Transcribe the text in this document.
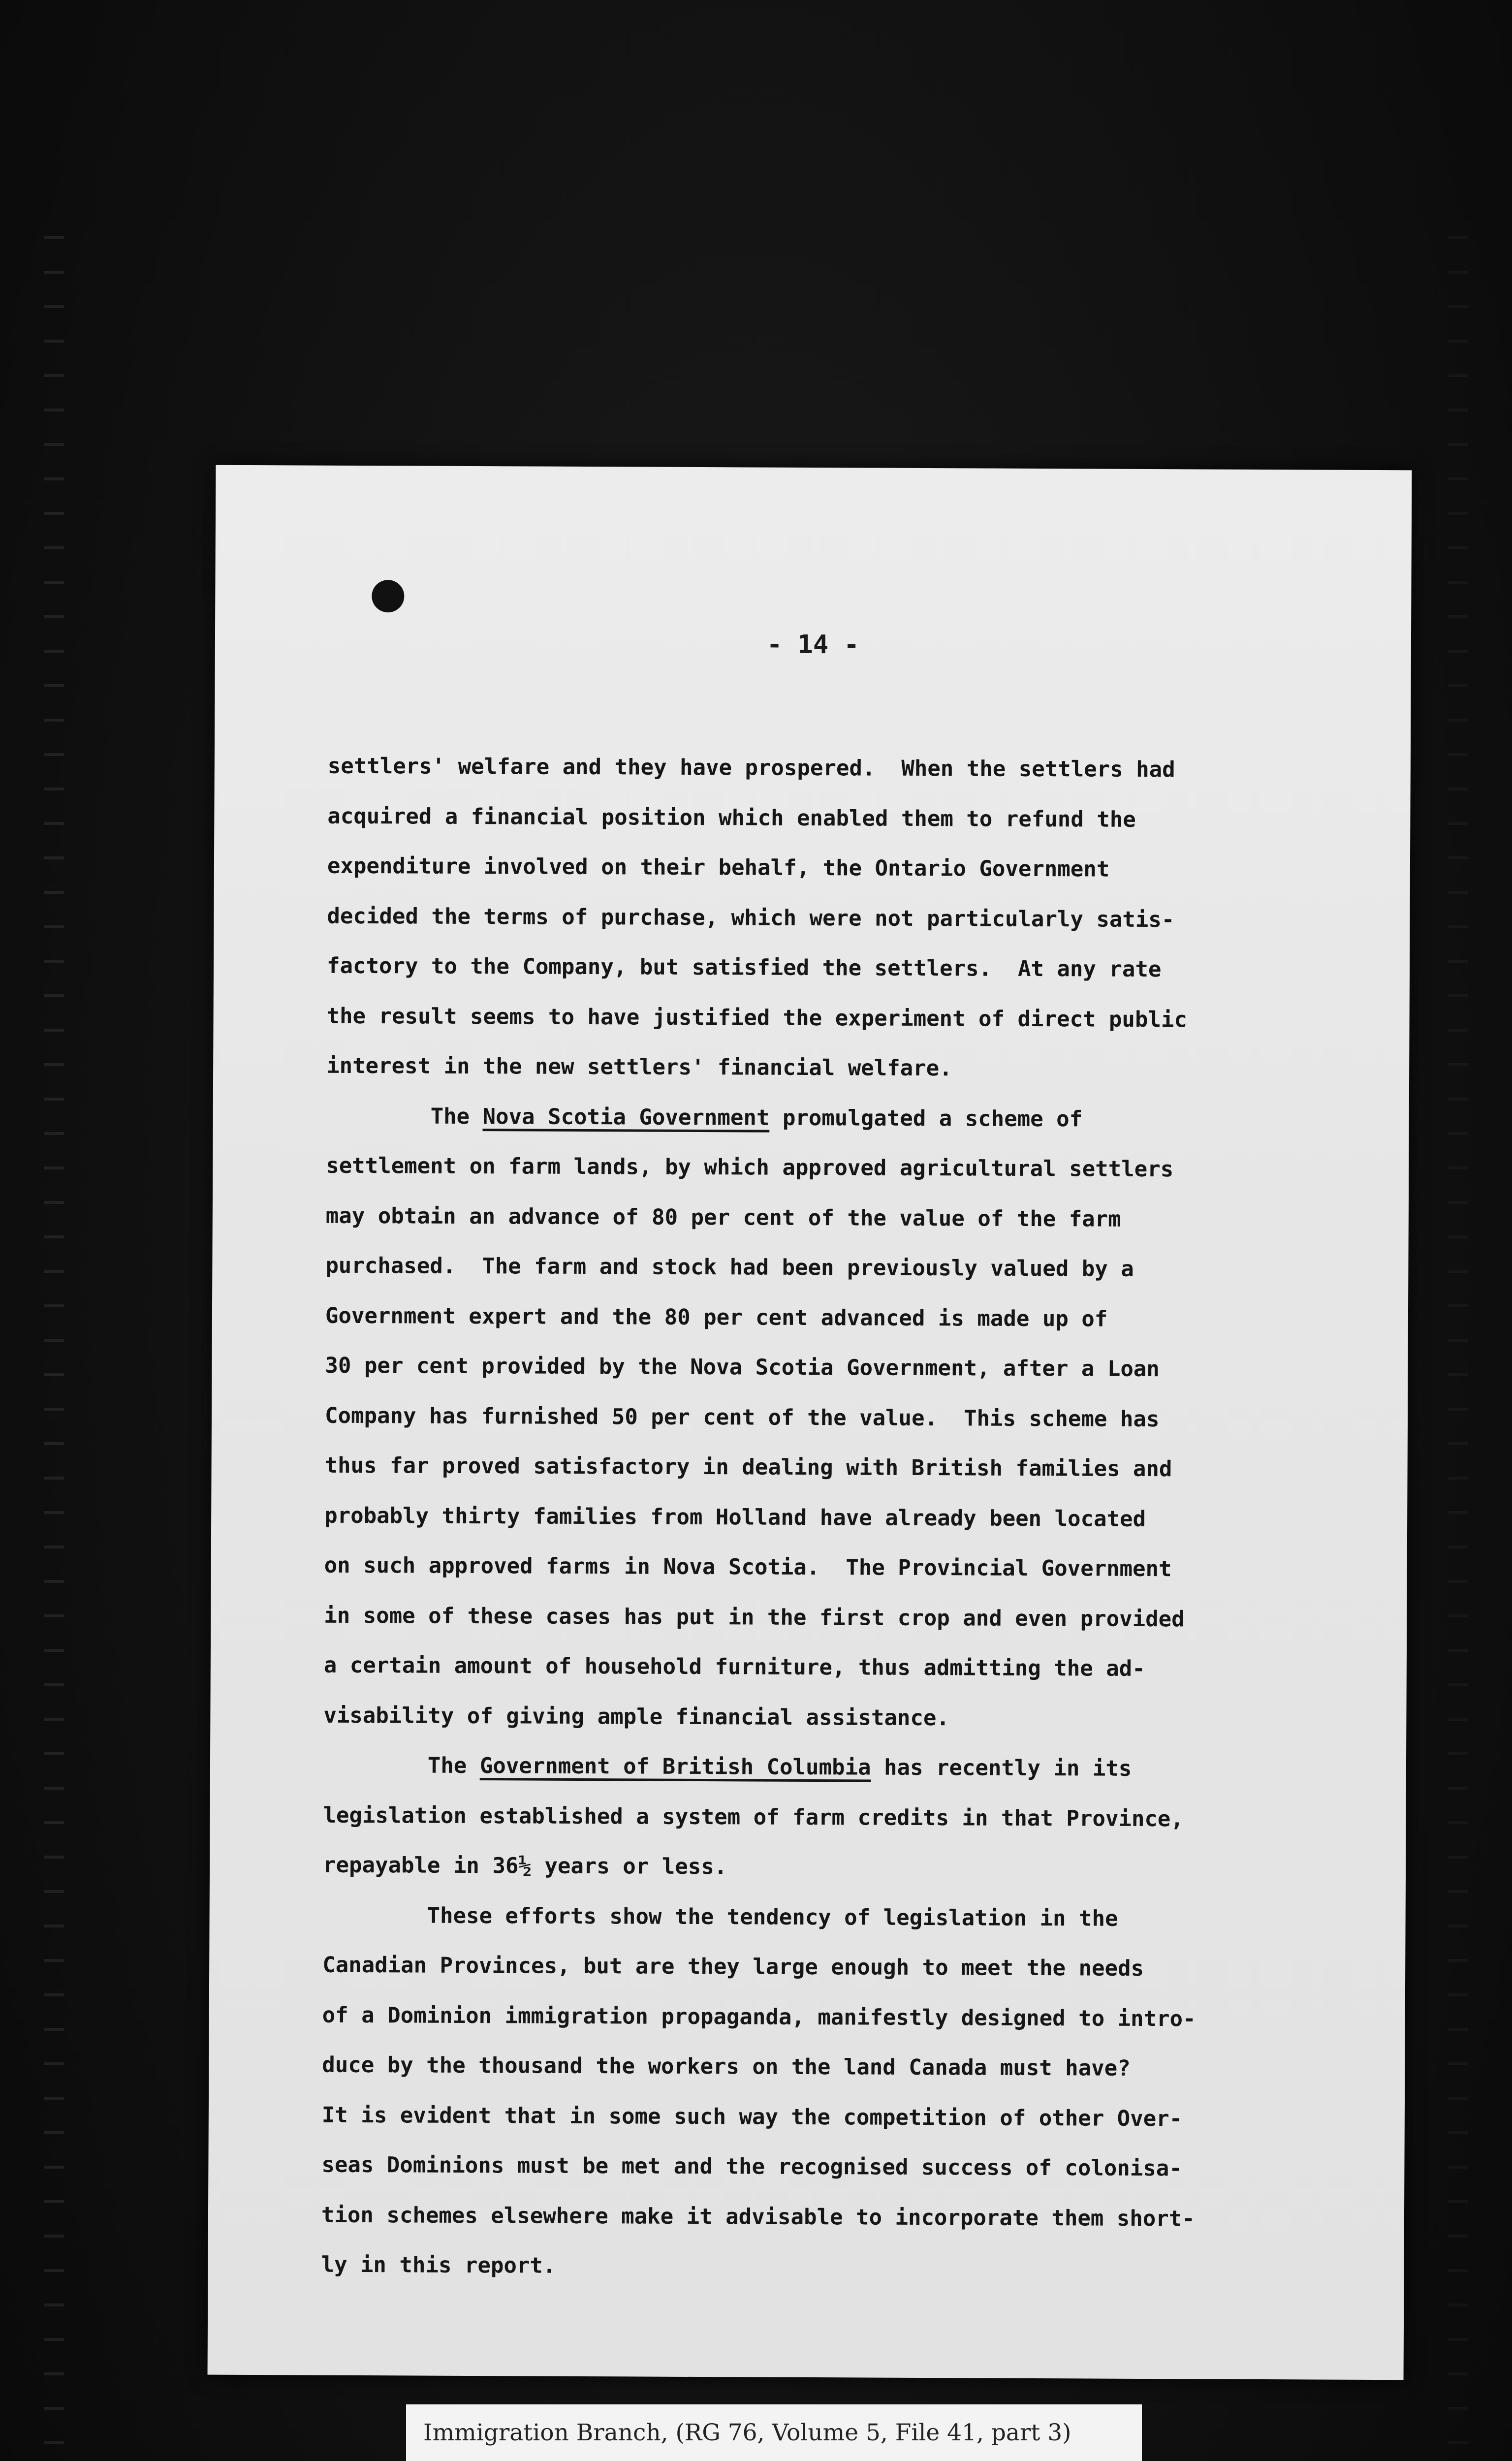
- 14 -
settlers' welfare and they have prospered.  When the settlers had
acquired a financial position which enabled them to refund the
expenditure involved on their behalf, the Ontario Government
decided the terms of purchase, which were not particularly satis-
factory to the Company, but satisfied the settlers.  At any rate
the result seems to have justified the experiment of direct public
interest in the new settlers' financial welfare.
The Nova Scotia Government promulgated a scheme of
settlement on farm lands, by which approved agricultural settlers
may obtain an advance of 80 per cent of the value of the farm
purchased.  The farm and stock had been previously valued by a
Government expert and the 80 per cent advanced is made up of
30 per cent provided by the Nova Scotia Government, after a Loan
Company has furnished 50 per cent of the value.  This scheme has
thus far proved satisfactory in dealing with British families and
probably thirty families from Holland have already been located
on such approved farms in Nova Scotia.  The Provincial Government
in some of these cases has put in the first crop and even provided
a certain amount of household furniture, thus admitting the ad-
visability of giving ample financial assistance.
The Government of British Columbia has recently in its
legislation established a system of farm credits in that Province,
repayable in 36½ years or less.
These efforts show the tendency of legislation in the
Canadian Provinces, but are they large enough to meet the needs
of a Dominion immigration propaganda, manifestly designed to intro-
duce by the thousand the workers on the land Canada must have?
It is evident that in some such way the competition of other Over-
seas Dominions must be met and the recognised success of colonisa-
tion schemes elsewhere make it advisable to incorporate them short-
ly in this report.
Immigration Branch, (RG 76, Volume 5, File 41, part 3)
